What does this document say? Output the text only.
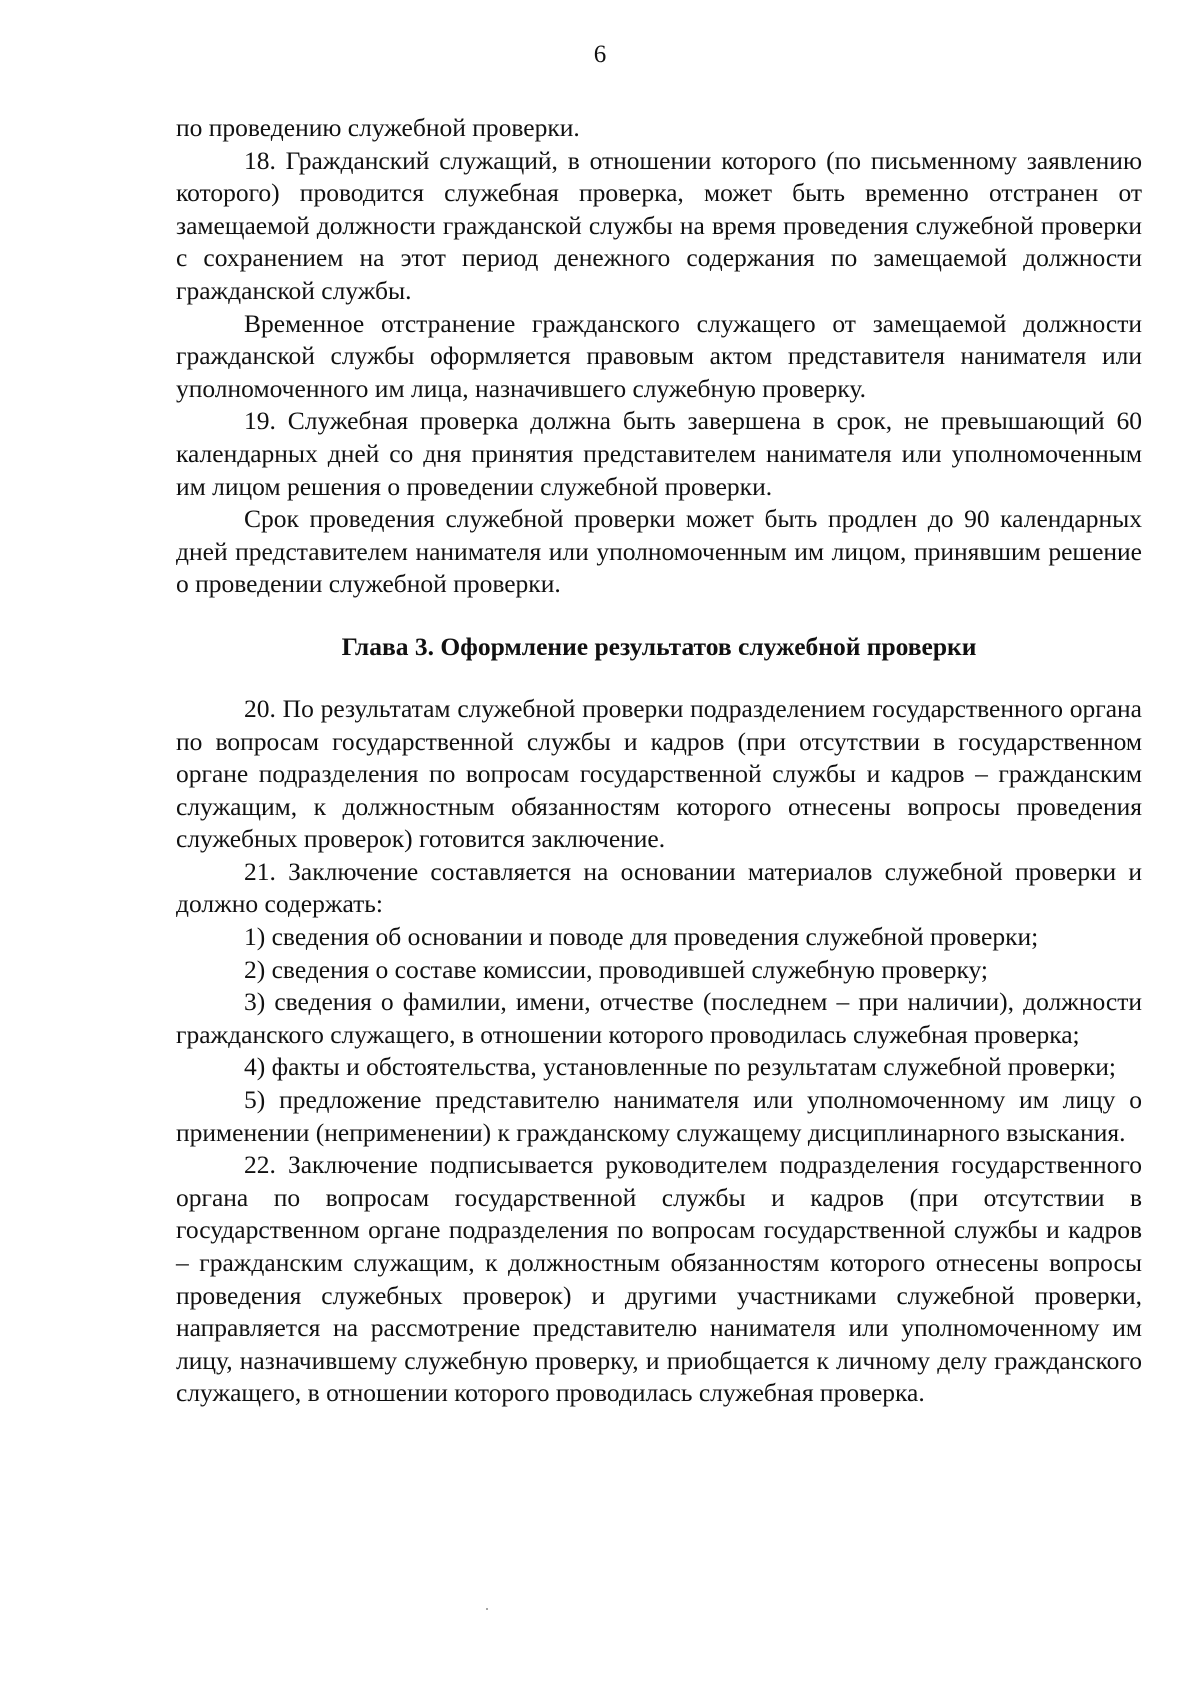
6

по проведению служебной проверки.

18. Гражданский служащий, в отношении которого (по письменному заявлению которого) проводится служебная проверка, может быть временно отстранен от замещаемой должности гражданской службы на время проведения служебной проверки с сохранением на этот период денежного содержания по замещаемой должности гражданской службы.

Временное отстранение гражданского служащего от замещаемой должности гражданской службы оформляется правовым актом представителя нанимателя или уполномоченного им лица, назначившего служебную проверку.

19. Служебная проверка должна быть завершена в срок, не превышающий 60 календарных дней со дня принятия представителем нанимателя или уполномоченным им лицом решения о проведении служебной проверки.

Срок проведения служебной проверки может быть продлен до 90 календарных дней представителем нанимателя или уполномоченным им лицом, принявшим решение о проведении служебной проверки.

Глава 3. Оформление результатов служебной проверки

20. По результатам служебной проверки подразделением государственного органа по вопросам государственной службы и кадров (при отсутствии в государственном органе подразделения по вопросам государственной службы и кадров – гражданским служащим, к должностным обязанностям которого отнесены вопросы проведения служебных проверок) готовится заключение.

21. Заключение составляется на основании материалов служебной проверки и должно содержать:

1) сведения об основании и поводе для проведения служебной проверки;

2) сведения о составе комиссии, проводившей служебную проверку;

3) сведения о фамилии, имени, отчестве (последнем – при наличии), должности гражданского служащего, в отношении которого проводилась служебная проверка;

4) факты и обстоятельства, установленные по результатам служебной проверки;

5) предложение представителю нанимателя или уполномоченному им лицу о применении (неприменении) к гражданскому служащему дисциплинарного взыскания.

22. Заключение подписывается руководителем подразделения государственного органа по вопросам государственной службы и кадров (при отсутствии в государственном органе подразделения по вопросам государственной службы и кадров – гражданским служащим, к должностным обязанностям которого отнесены вопросы проведения служебных проверок) и другими участниками служебной проверки, направляется на рассмотрение представителю нанимателя или уполномоченному им лицу, назначившему служебную проверку, и приобщается к личному делу гражданского служащего, в отношении которого проводилась служебная проверка.
